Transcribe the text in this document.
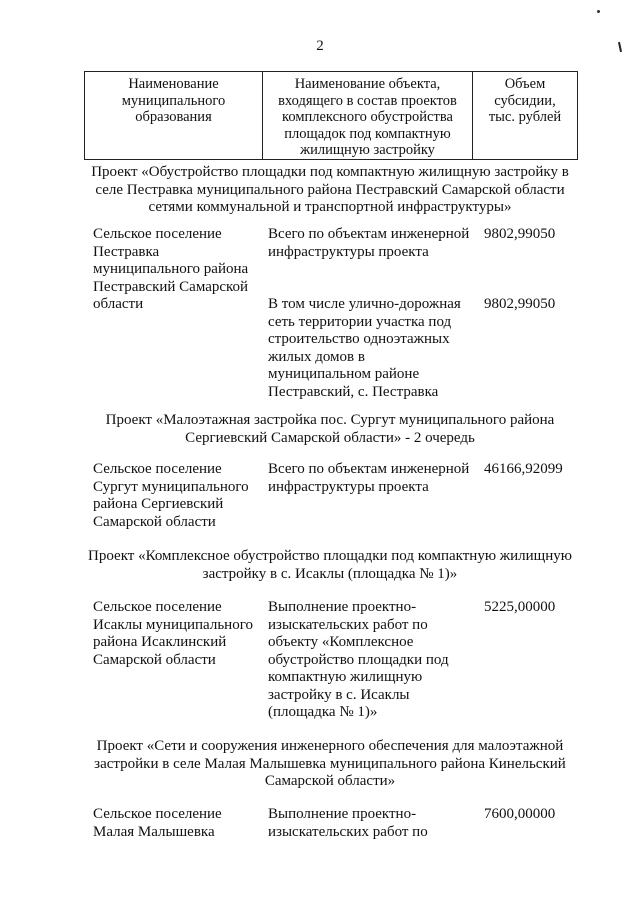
2
Наименование
муниципального
образования
Наименование объекта,
входящего в состав проектов
комплексного обустройства
площадок под компактную
жилищную застройку
Объем
субсидии,
тыс. рублей
Проект «Обустройство площадки под компактную жилищную застройку в
селе Пестравка муниципального района Пестравский Самарской области
сетями коммунальной и транспортной инфраструктуры»
Сельское поселение
Пестравка
муниципального района
Пестравский Самарской
области
Всего по объектам инженерной
инфраструктуры проекта
9802,99050
В том числе улично-дорожная
сеть территории участка под
строительство одноэтажных
жилых домов в
муниципальном районе
Пестравский, с. Пестравка
9802,99050
Проект «Малоэтажная застройка пос. Сургут муниципального района
Сергиевский Самарской области» - 2 очередь
Сельское поселение
Сургут муниципального
района Сергиевский
Самарской области
Всего по объектам инженерной
инфраструктуры проекта
46166,92099
Проект «Комплексное обустройство площадки под компактную жилищную
застройку в с. Исаклы (площадка № 1)»
Сельское поселение
Исаклы муниципального
района Исаклинский
Самарской области
Выполнение проектно-
изыскательских работ по
объекту «Комплексное
обустройство площадки под
компактную жилищную
застройку в с. Исаклы
(площадка № 1)»
5225,00000
Проект «Сети и сооружения инженерного обеспечения для малоэтажной
застройки в селе Малая Малышевка муниципального района Кинельский
Самарской области»
Сельское поселение
Малая Малышевка
Выполнение проектно-
изыскательских работ по
7600,00000
